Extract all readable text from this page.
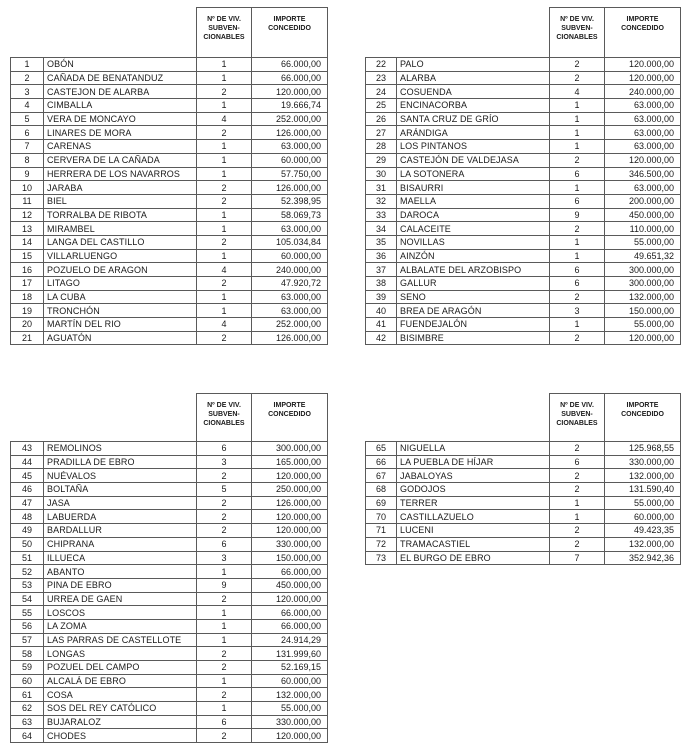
		Nº DE VIV. SUBVEN-CIONABLES	IMPORTE CONCEDIDO
1	OBÓN	1	66.000,00
2	CAÑADA DE BENATANDUZ	1	66.000,00
3	CASTEJON DE ALARBA	2	120.000,00
4	CIMBALLA	1	19.666,74
5	VERA DE MONCAYO	4	252.000,00
6	LINARES DE MORA	2	126.000,00
7	CARENAS	1	63.000,00
8	CERVERA DE LA CAÑADA	1	60.000,00
9	HERRERA DE LOS NAVARROS	1	57.750,00
10	JARABA	2	126.000,00
11	BIEL	2	52.398,95
12	TORRALBA DE RIBOTA	1	58.069,73
13	MIRAMBEL	1	63.000,00
14	LANGA DEL CASTILLO	2	105.034,84
15	VILLARLUENGO	1	60.000,00
16	POZUELO DE ARAGON	4	240.000,00
17	LITAGO	2	47.920,72
18	LA CUBA	1	63.000,00
19	TRONCHÓN	1	63.000,00
20	MARTÍN DEL RIO	4	252.000,00
21	AGUATÓN	2	126.000,00
		Nº DE VIV. SUBVEN-CIONABLES	IMPORTE CONCEDIDO
22	PALO	2	120.000,00
23	ALARBA	2	120.000,00
24	COSUENDA	4	240.000,00
25	ENCINACORBA	1	63.000,00
26	SANTA CRUZ DE GRÍO	1	63.000,00
27	ARÁNDIGA	1	63.000,00
28	LOS PINTANOS	1	63.000,00
29	CASTEJÓN DE VALDEJASA	2	120.000,00
30	LA SOTONERA	6	346.500,00
31	BISAURRI	1	63.000,00
32	MAELLA	6	200.000,00
33	DAROCA	9	450.000,00
34	CALACEITE	2	110.000,00
35	NOVILLAS	1	55.000,00
36	AINZÓN	1	49.651,32
37	ALBALATE DEL ARZOBISPO	6	300.000,00
38	GALLUR	6	300.000,00
39	SENO	2	132.000,00
40	BREA DE ARAGÓN	3	150.000,00
41	FUENDEJALÓN	1	55.000,00
42	BISIMBRE	2	120.000,00
		Nº DE VIV. SUBVEN-CIONABLES	IMPORTE CONCEDIDO
43	REMOLINOS	6	300.000,00
44	PRADILLA DE EBRO	3	165.000,00
45	NUÉVALOS	2	120.000,00
46	BOLTAÑA	5	250.000,00
47	JASA	2	126.000,00
48	LABUERDA	2	120.000,00
49	BARDALLUR	2	120.000,00
50	CHIPRANA	6	330.000,00
51	ILLUECA	3	150.000,00
52	ABANTO	1	66.000,00
53	PINA DE EBRO	9	450.000,00
54	URREA DE GAEN	2	120.000,00
55	LOSCOS	1	66.000,00
56	LA ZOMA	1	66.000,00
57	LAS PARRAS DE CASTELLOTE	1	24.914,29
58	LONGAS	2	131.999,60
59	POZUEL DEL CAMPO	2	52.169,15
60	ALCALÁ DE EBRO	1	60.000,00
61	COSA	2	132.000,00
62	SOS DEL REY CATÓLICO	1	55.000,00
63	BUJARALOZ	6	330.000,00
64	CHODES	2	120.000,00
		Nº DE VIV. SUBVEN-CIONABLES	IMPORTE CONCEDIDO
65	NIGUELLA	2	125.968,55
66	LA PUEBLA DE HÍJAR	6	330.000,00
67	JABALOYAS	2	132.000,00
68	GODOJOS	2	131.590,40
69	TERRER	1	55.000,00
70	CASTILLAZUELO	1	60.000,00
71	LUCENI	2	49.423,35
72	TRAMACASTIEL	2	132.000,00
73	EL BURGO DE EBRO	7	352.942,36
